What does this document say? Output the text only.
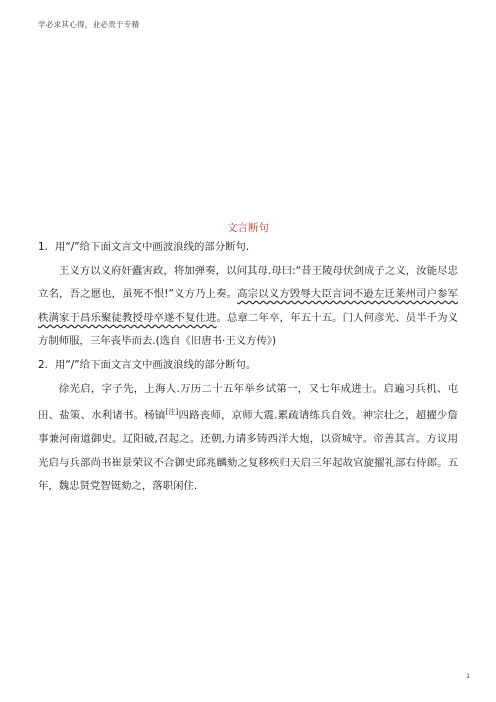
学必求其心得，业必贵于专精
文言断句

1．用“/”给下面文言文中画波浪线的部分断句.

王义方以义府奸蠹害政，将加弹奏，以问其母.母曰:“昔王陵母伏剑成子之义，汝能尽忠立名，吾之愿也，虽死不恨!”义方乃上奏。高宗以义方毁辱大臣言词不逊左迁莱州司户参军秩满家于昌乐聚徒教授母卒遂不复仕进。总章二年卒，年五十五。门人何彦光、员半千为义方制师服，三年丧毕而去.(选自《旧唐书·王义方传》)

2．用“/”给下面文言文中画波浪线的部分断句。

徐光启，字子先，上海人.万历二十五年举乡试第一，又七年成进士。启遍习兵机、屯田、盐策、水利诸书。杨镐[注]四路丧师，京师大震.累疏请练兵自效。神宗壮之，超擢少詹事兼河南道御史。辽阳破,召起之。还朝,力请多铸西洋大炮，以资城守。帝善其言。方议用光启与兵部尚书崔景荣议不合御史邱兆麟劾之复移疾归天启三年起故官旋擢礼部右侍郎。五年，魏忠贤党智铤劾之，落职闲住.

1
